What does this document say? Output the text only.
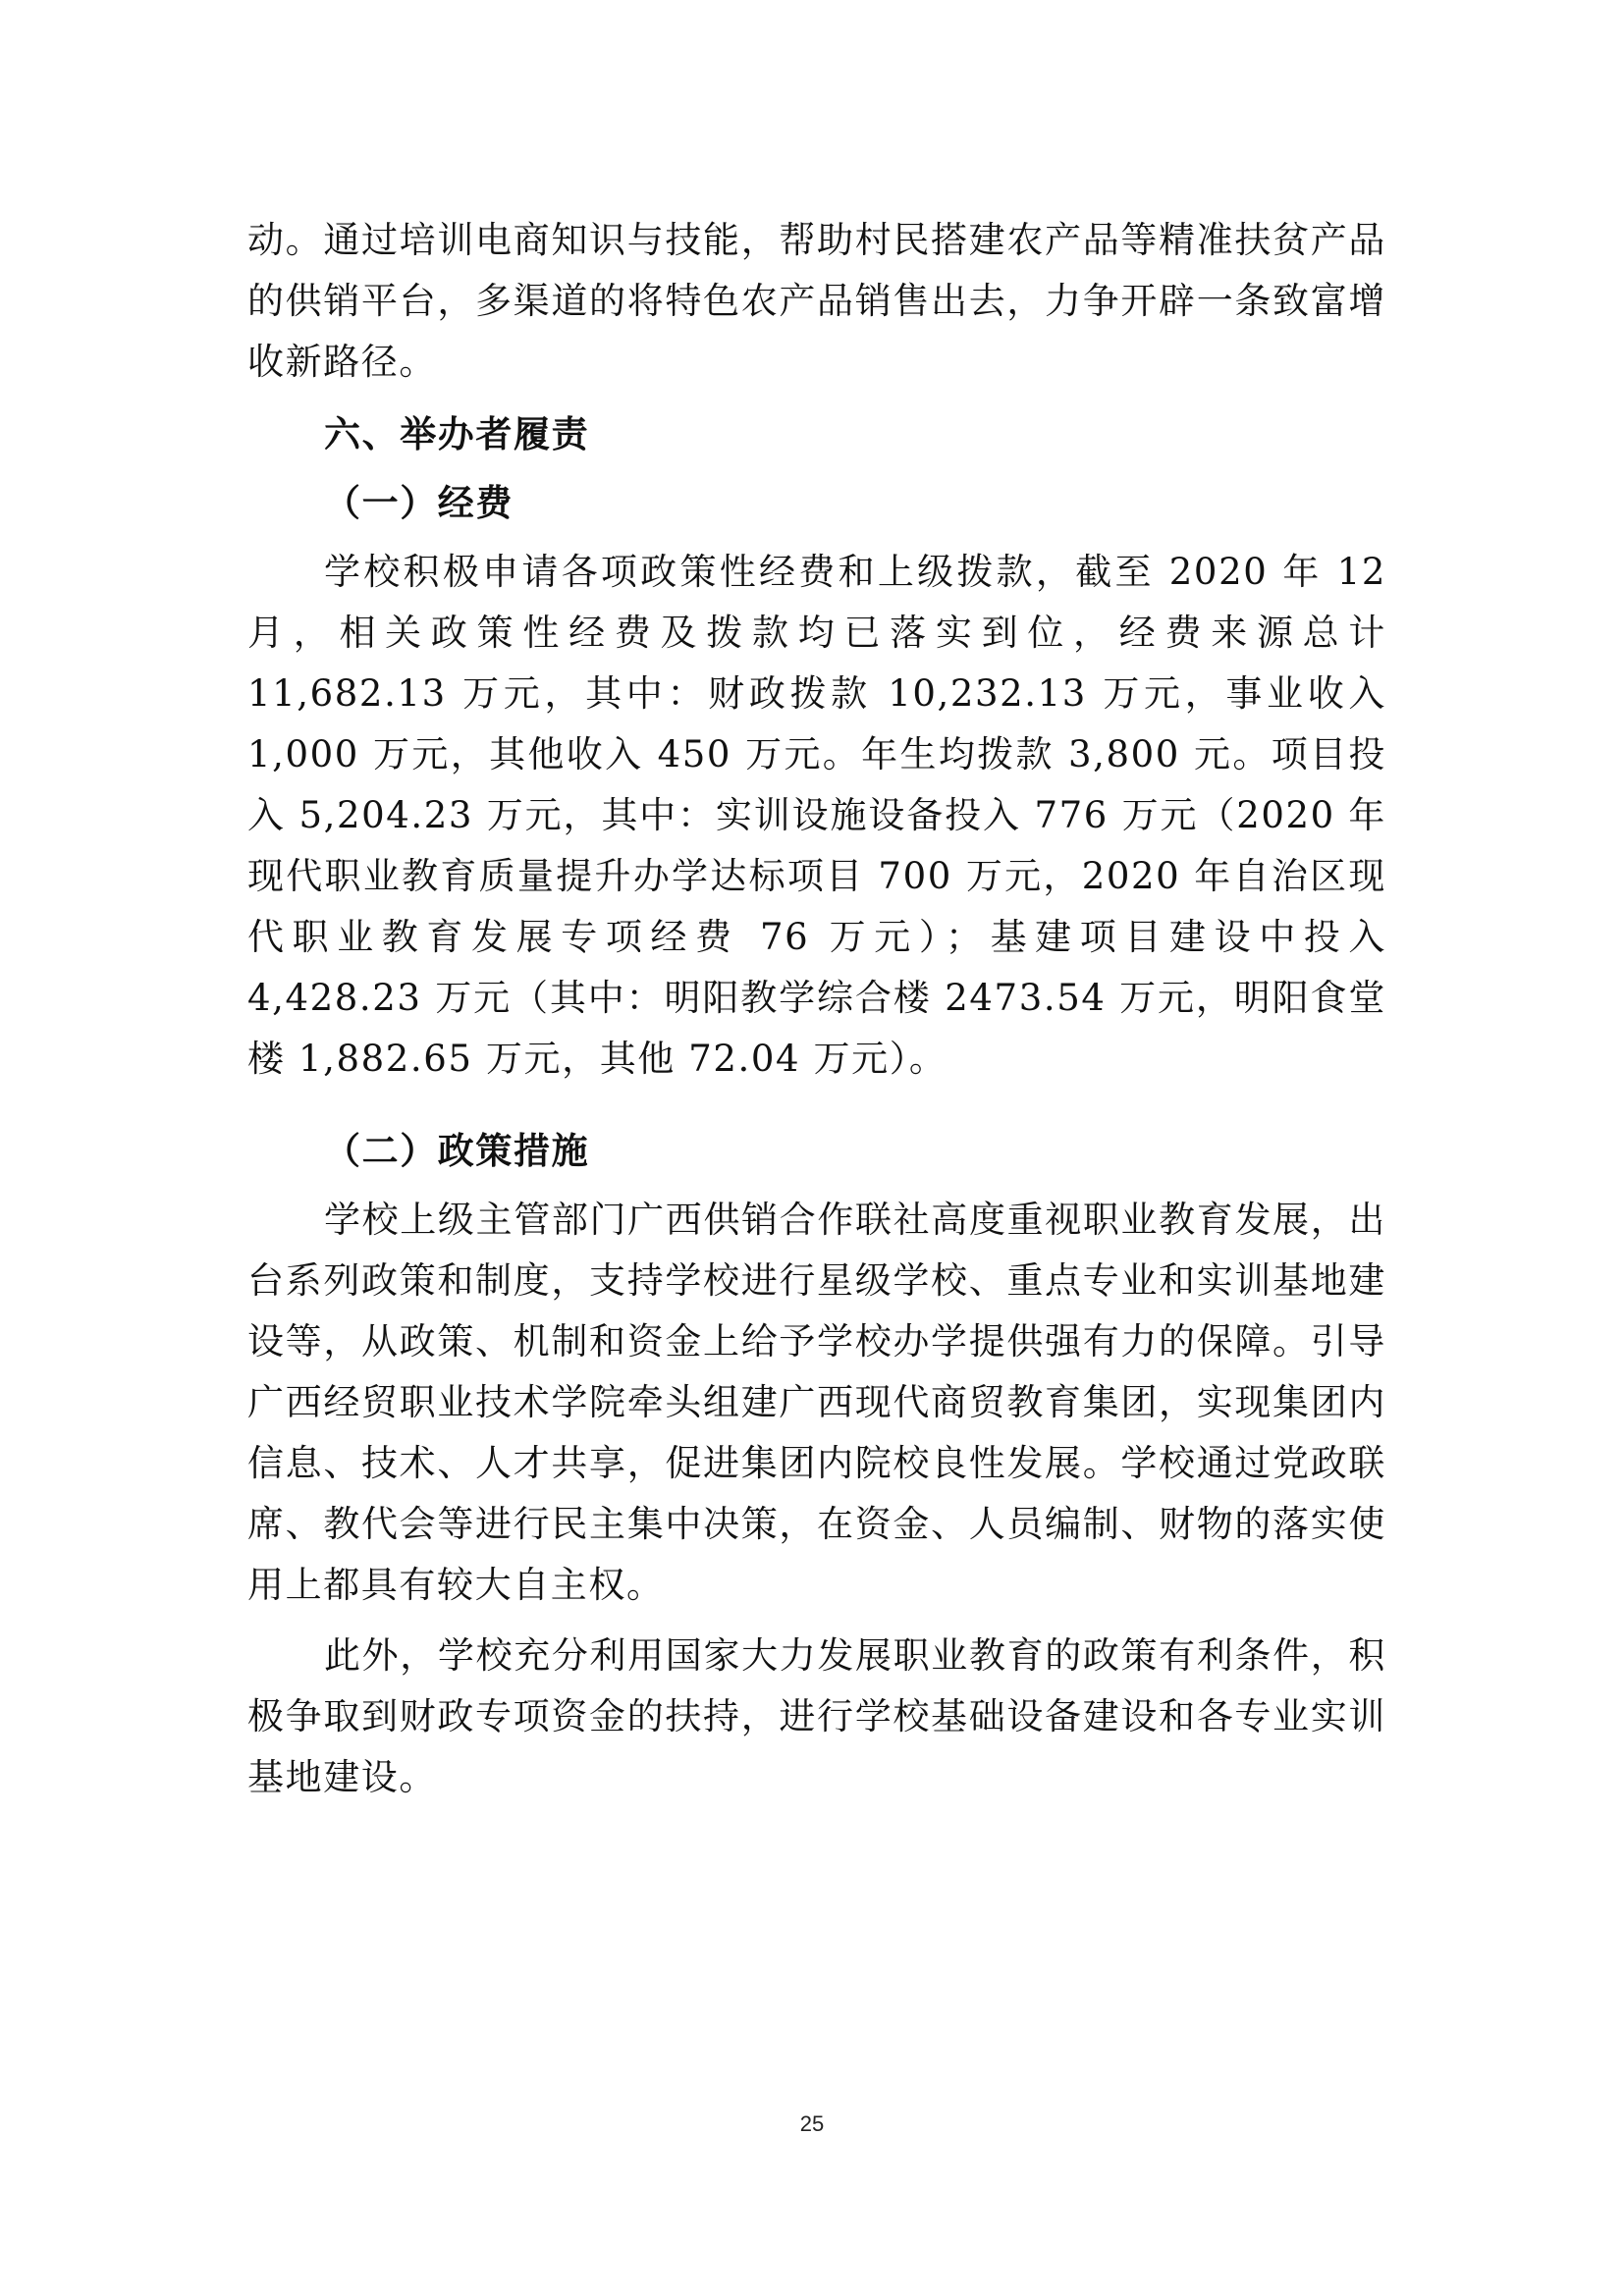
动。通过培训电商知识与技能，帮助村民搭建农产品等精准扶贫产品的供销平台，多渠道的将特色农产品销售出去，力争开辟一条致富增收新路径。

六、举办者履责
（一）经费

学校积极申请各项政策性经费和上级拨款，截至 2020 年 12 月，相关政策性经费及拨款均已落实到位，经费来源总计 11,682.13 万元，其中：财政拨款 10,232.13 万元，事业收入 1,000 万元，其他收入 450 万元。年生均拨款 3,800 元。项目投入 5,204.23 万元，其中：实训设施设备投入 776 万元（2020 年现代职业教育质量提升办学达标项目 700 万元，2020 年自治区现代职业教育发展专项经费 76 万元）；基建项目建设中投入 4,428.23 万元（其中：明阳教学综合楼 2473.54 万元，明阳食堂楼 1,882.65 万元，其他 72.04 万元）。

（二）政策措施

学校上级主管部门广西供销合作联社高度重视职业教育发展，出台系列政策和制度，支持学校进行星级学校、重点专业和实训基地建设等，从政策、机制和资金上给予学校办学提供强有力的保障。引导广西经贸职业技术学院牵头组建广西现代商贸教育集团，实现集团内信息、技术、人才共享，促进集团内院校良性发展。学校通过党政联席、教代会等进行民主集中决策，在资金、人员编制、财物的落实使用上都具有较大自主权。

此外，学校充分利用国家大力发展职业教育的政策有利条件，积极争取到财政专项资金的扶持，进行学校基础设备建设和各专业实训基地建设。

25
